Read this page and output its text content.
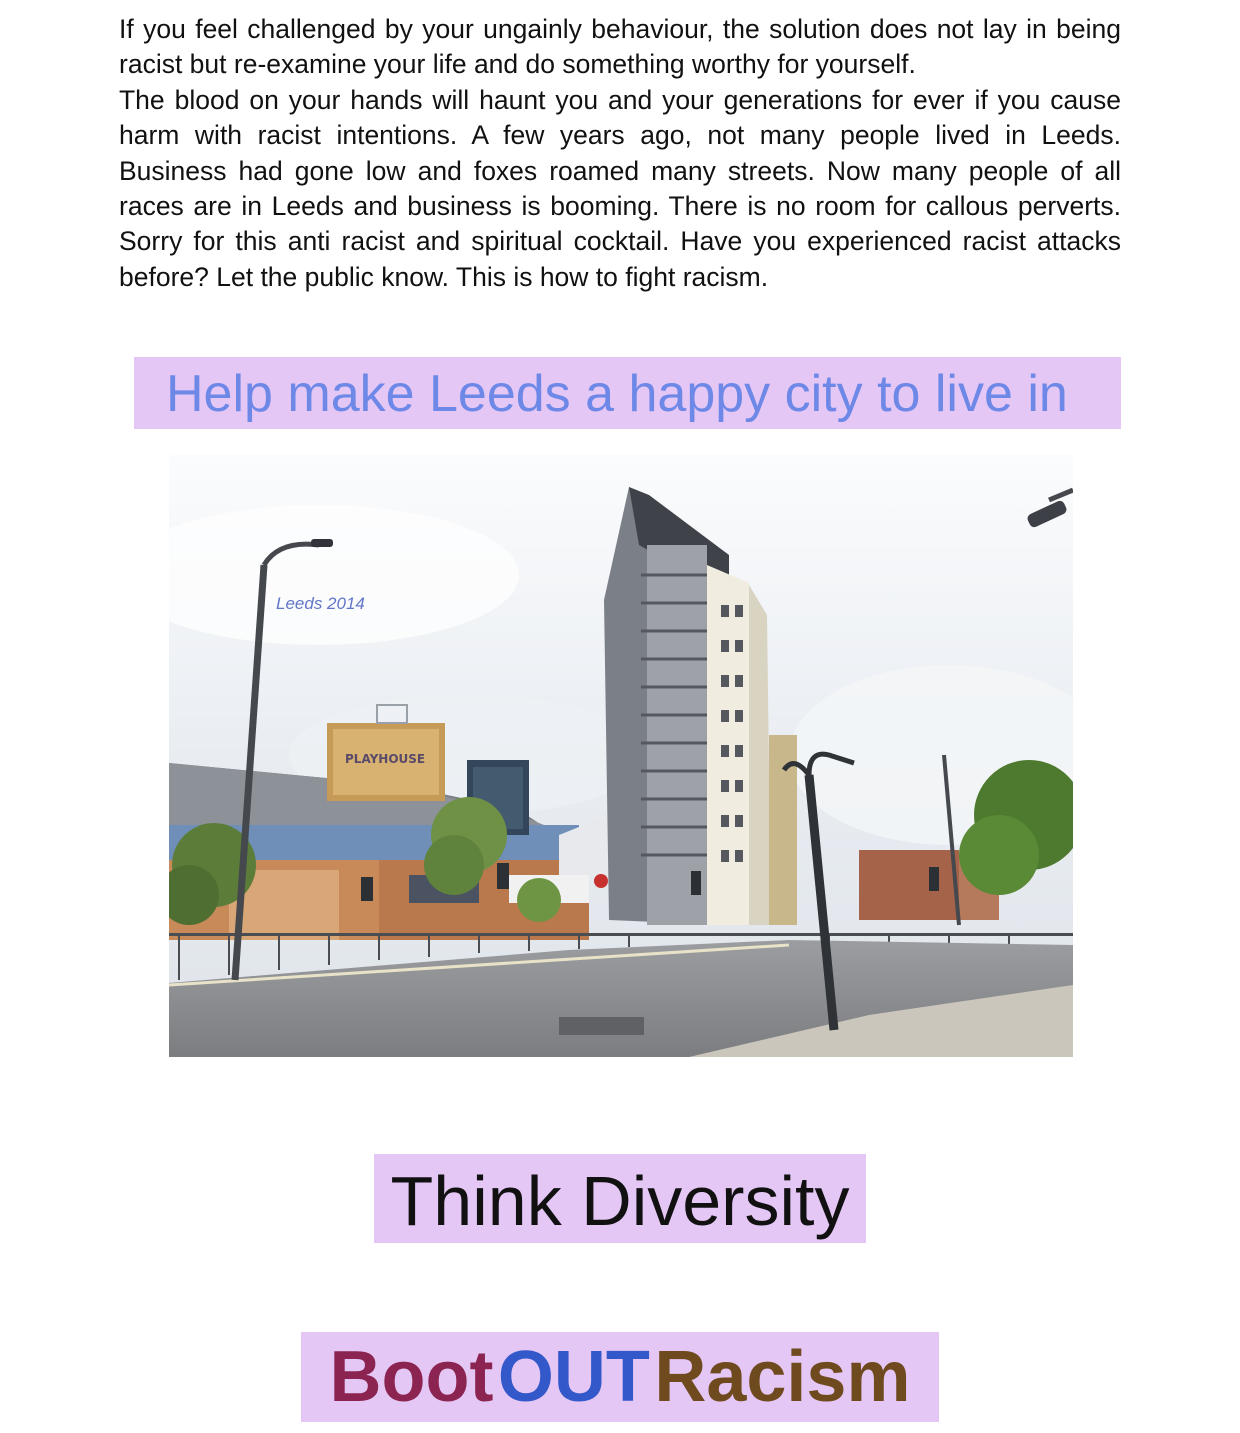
If you feel challenged by your ungainly behaviour, the solution does not lay in being racist but re-examine your life and do something worthy for yourself.

The blood on your hands will haunt you and your generations for ever if you cause harm with racist intentions. A few years ago, not many people lived in Leeds. Business had gone low and foxes roamed many streets. Now many people of all races are in Leeds and business is booming. There is no room for callous perverts. Sorry for this anti racist and spiritual cocktail. Have you experienced racist attacks before? Let the public know. This is how to fight racism.

Help make Leeds a happy city to live in
PLAYHOUSE
Leeds 2014
Think Diversity
Boot OUT Racism
